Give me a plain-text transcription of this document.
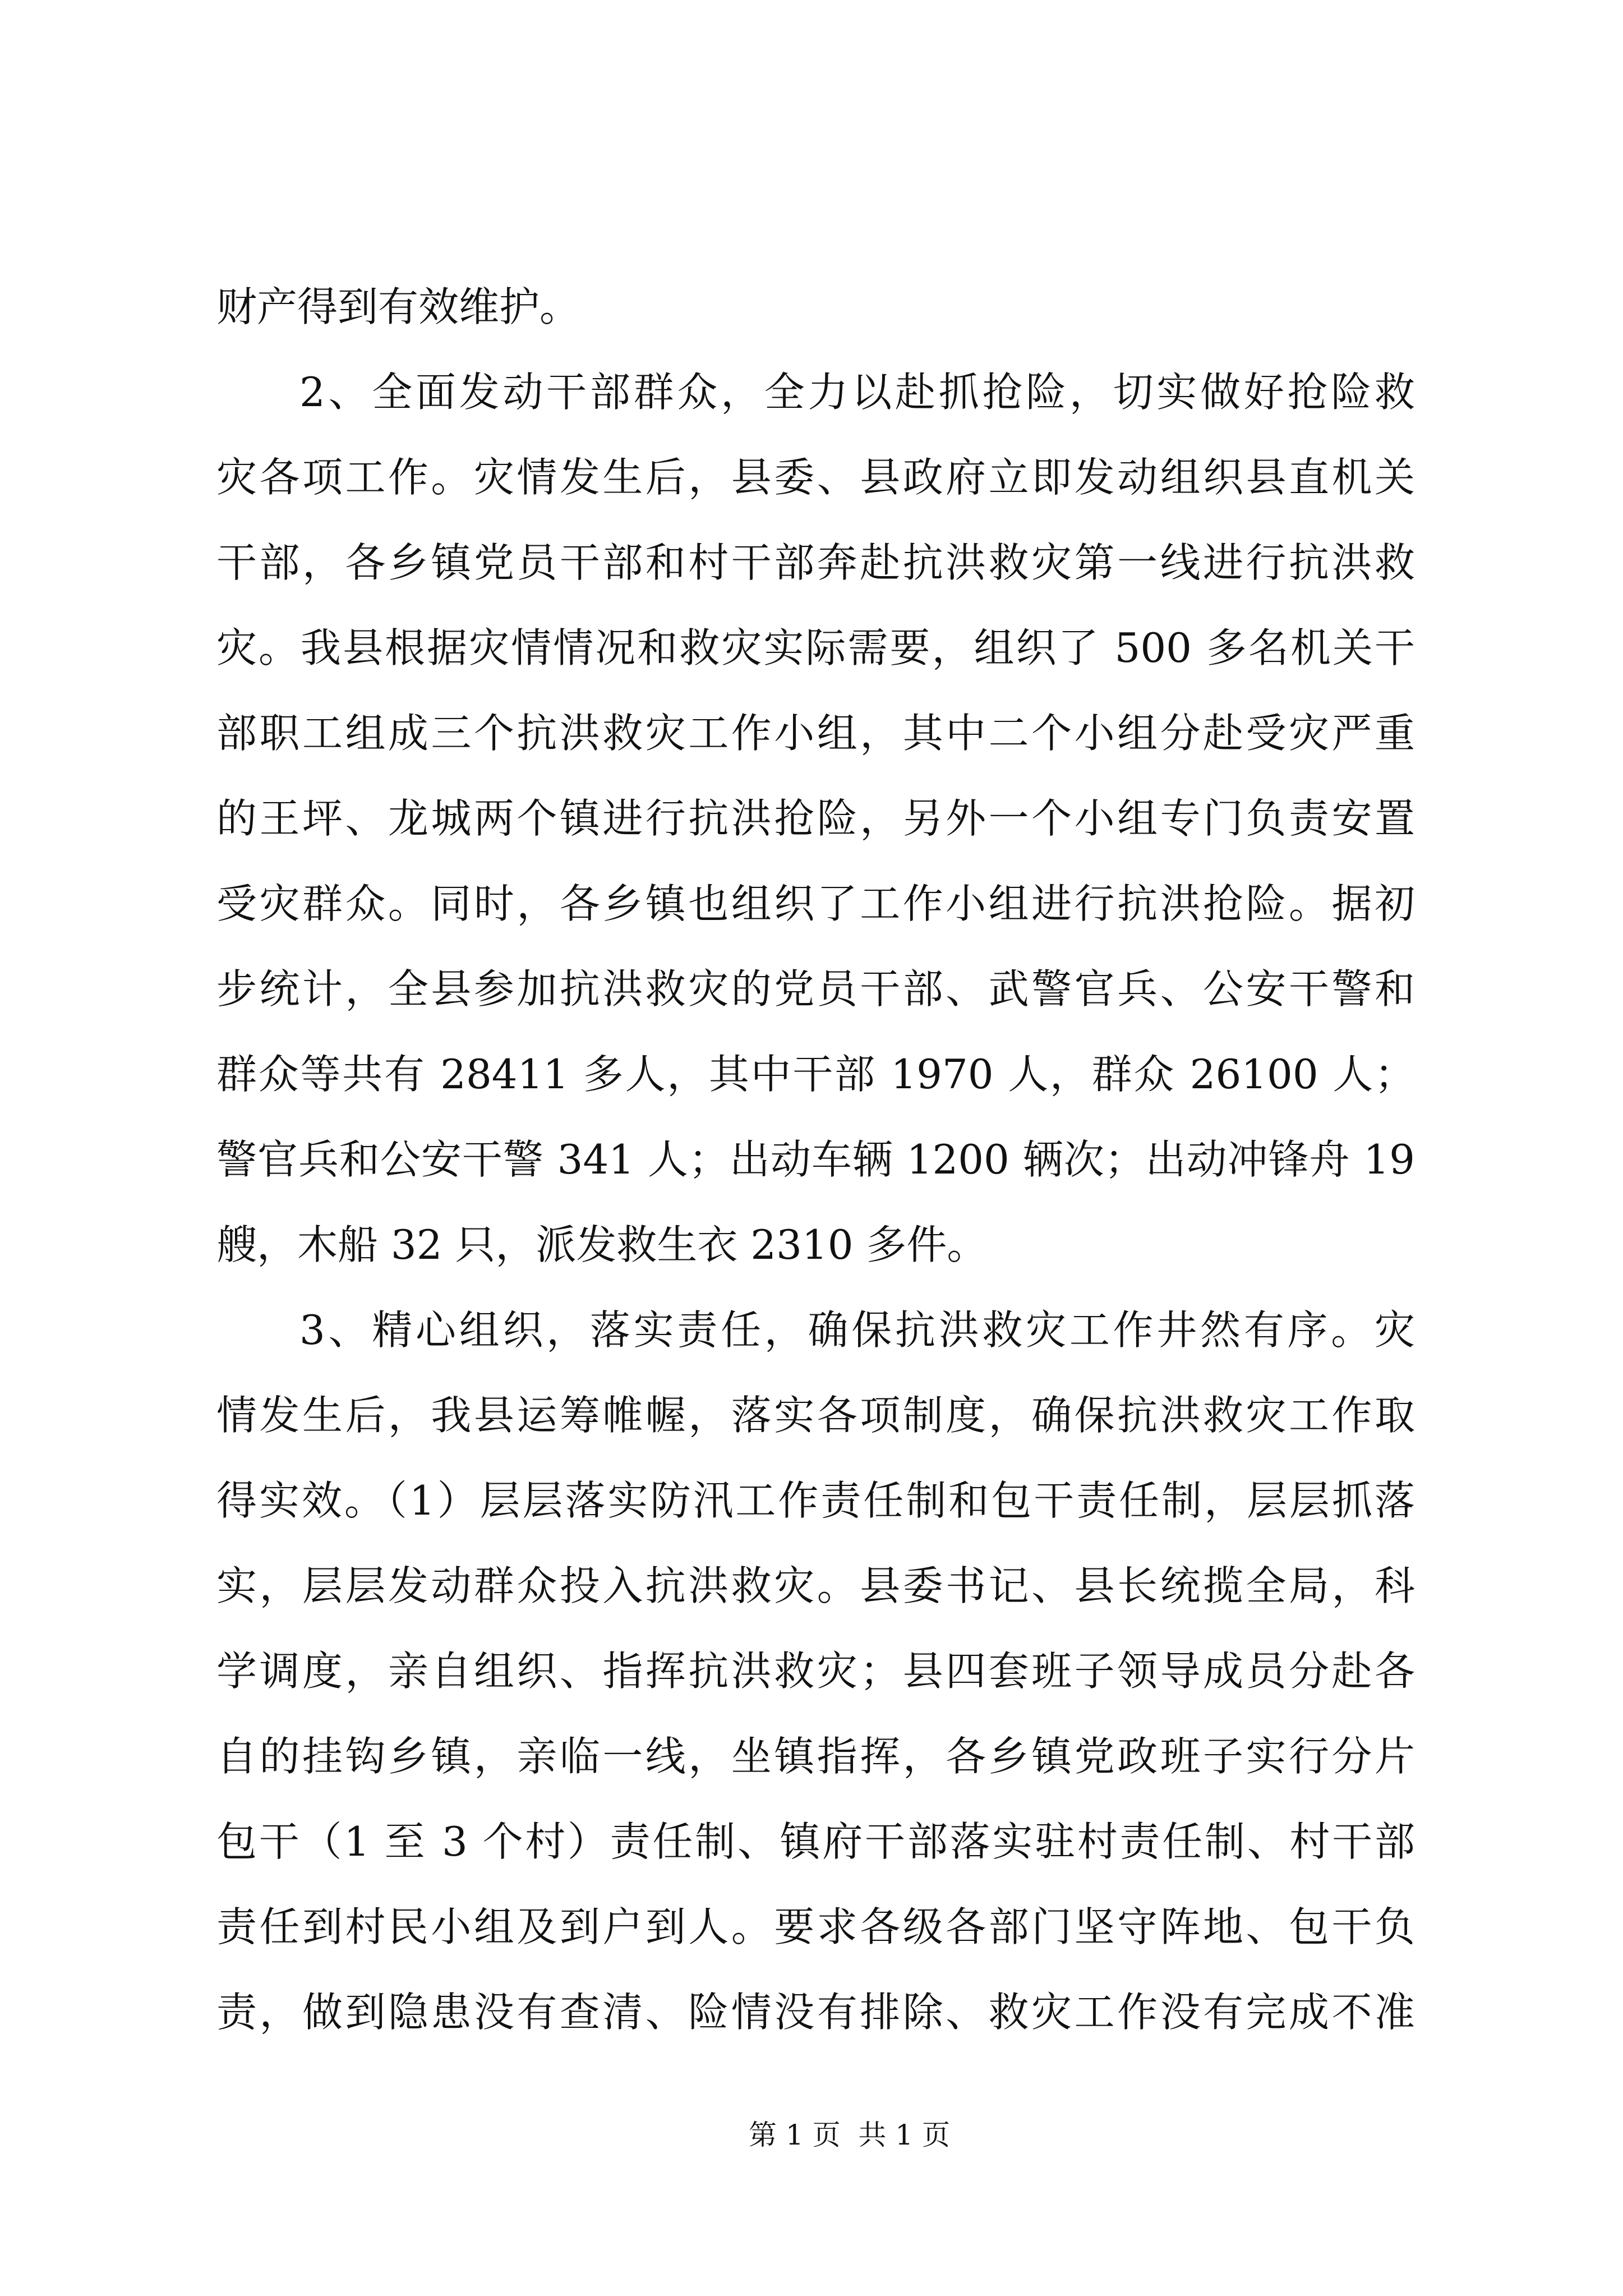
财产得到有效维护。
2、全面发动干部群众，全力以赴抓抢险，切实做好抢险救
灾各项工作。灾情发生后，县委、县政府立即发动组织县直机关
干部，各乡镇党员干部和村干部奔赴抗洪救灾第一线进行抗洪救
灾。我县根据灾情情况和救灾实际需要，组织了 500 多名机关干
部职工组成三个抗洪救灾工作小组，其中二个小组分赴受灾严重
的王坪、龙城两个镇进行抗洪抢险，另外一个小组专门负责安置
受灾群众。同时，各乡镇也组织了工作小组进行抗洪抢险。据初
步统计，全县参加抗洪救灾的党员干部、武警官兵、公安干警和
群众等共有 28411 多人，其中干部 1970 人，群众 26100 人；
警官兵和公安干警 341 人；出动车辆 1200 辆次；出动冲锋舟 19
艘，木船 32 只，派发救生衣 2310 多件。
3、精心组织，落实责任，确保抗洪救灾工作井然有序。灾
情发生后，我县运筹帷幄，落实各项制度，确保抗洪救灾工作取
得实效。（1）层层落实防汛工作责任制和包干责任制，层层抓落
实，层层发动群众投入抗洪救灾。县委书记、县长统揽全局，科
学调度，亲自组织、指挥抗洪救灾；县四套班子领导成员分赴各
自的挂钩乡镇，亲临一线，坐镇指挥，各乡镇党政班子实行分片
包干（1 至 3 个村）责任制、镇府干部落实驻村责任制、村干部
责任到村民小组及到户到人。要求各级各部门坚守阵地、包干负
责，做到隐患没有查清、险情没有排除、救灾工作没有完成不准
第 1 页  共 1 页
